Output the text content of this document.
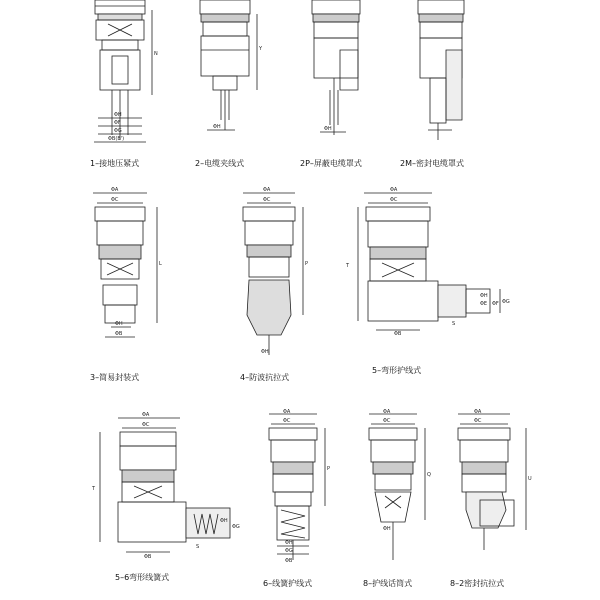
N
ΦH
ΦF
ΦG
ΦB(B')
1–接地压紧式
Y
ΦH
2–电缆夹线式
ΦH
2P–屏蔽电缆罩式	2M–密封电缆罩式
ΦA
ΦC
L
ΦH
ΦB
3–简易封装式
ΦA
ΦC
P
ΦH
4–防波抗拉式
ΦA
ΦC
T
ΦB
S
ΦH
ΦE ΦF ΦG
5–弯形护线式
ΦA
ΦC
T
ΦB
S
ΦH
ΦG
5–6弯形线簧式
ΦA
ΦC
P
ΦH
ΦG
ΦB
6–线簧护线式
ΦA
ΦC
Q
ΦH
8–护线话筒式
ΦA
ΦC
U
8–2密封抗拉式
